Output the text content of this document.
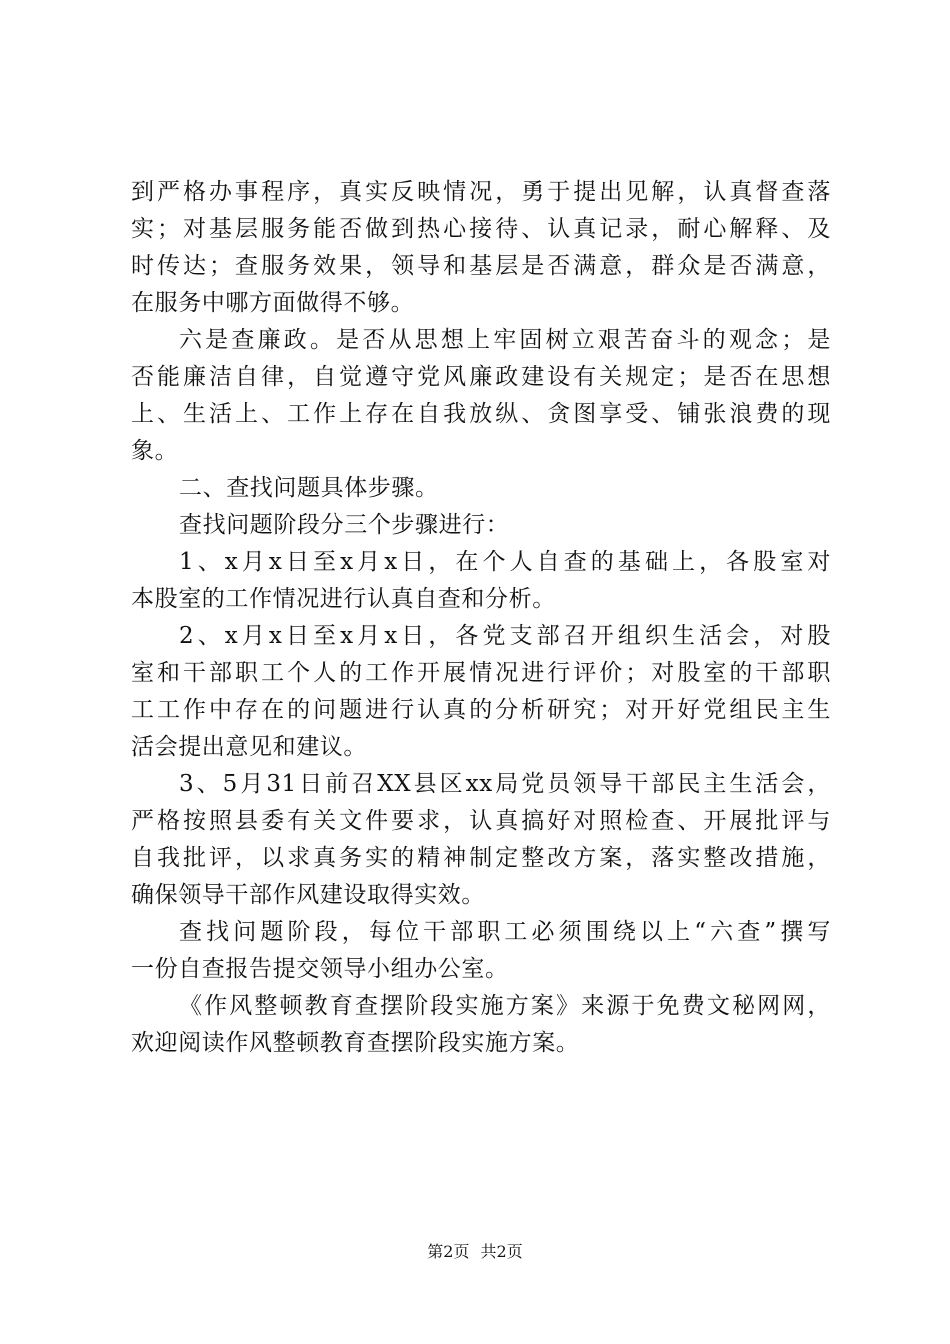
到严格办事程序，真实反映情况，勇于提出见解，认真督查落
实；对基层服务能否做到热心接待、认真记录，耐心解释、及
时传达；查服务效果，领导和基层是否满意，群众是否满意，
在服务中哪方面做得不够。
六是查廉政。是否从思想上牢固树立艰苦奋斗的观念；是
否能廉洁自律，自觉遵守党风廉政建设有关规定；是否在思想
上、生活上、工作上存在自我放纵、贪图享受、铺张浪费的现
象。
二、查找问题具体步骤。
查找问题阶段分三个步骤进行：
1、x月x日至x月x日，在个人自查的基础上，各股室对
本股室的工作情况进行认真自查和分析。
2、x月x日至x月x日，各党支部召开组织生活会，对股
室和干部职工个人的工作开展情况进行评价；对股室的干部职
工工作中存在的问题进行认真的分析研究；对开好党组民主生
活会提出意见和建议。
3、5月31日前召XX县区xx局党员领导干部民主生活会，
严格按照县委有关文件要求，认真搞好对照检查、开展批评与
自我批评，以求真务实的精神制定整改方案，落实整改措施，
确保领导干部作风建设取得实效。
查找问题阶段，每位干部职工必须围绕以上“六查”撰写
一份自查报告提交领导小组办公室。
《作风整顿教育查摆阶段实施方案》来源于免费文秘网网，
欢迎阅读作风整顿教育查摆阶段实施方案。
第2页 共2页
